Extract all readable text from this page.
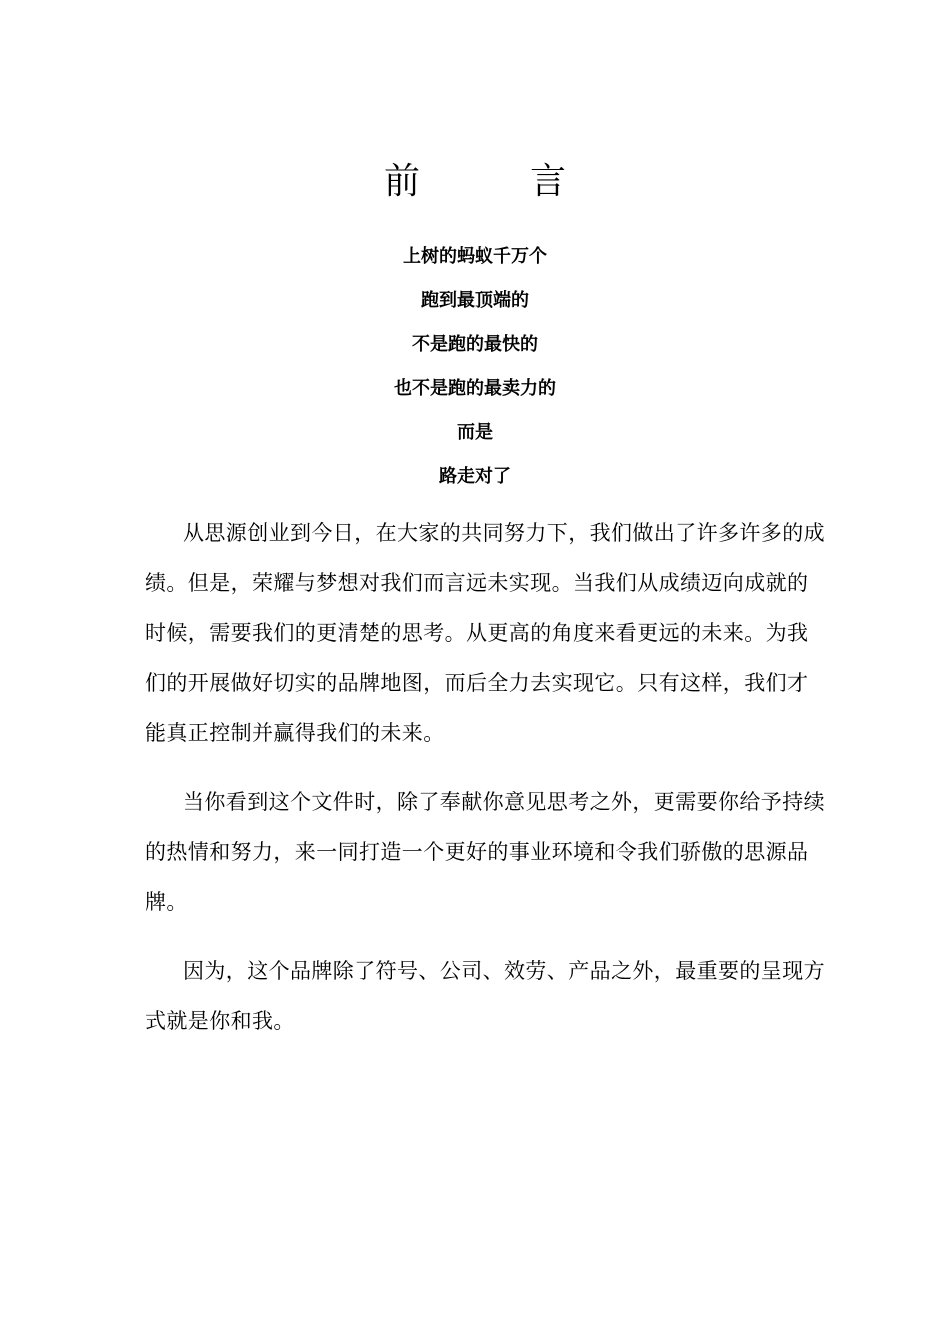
前	言
上树的蚂蚁千万个
跑到最顶端的
不是跑的最快的
也不是跑的最卖力的
而是
路走对了

从思源创业到今日，在大家的共同努力下，我们做出了许多许多的成绩。但是，荣耀与梦想对我们而言远未实现。当我们从成绩迈向成就的时候，需要我们的更清楚的思考。从更高的角度来看更远的未来。为我们的开展做好切实的品牌地图，而后全力去实现它。只有这样，我们才能真正控制并赢得我们的未来。

当你看到这个文件时，除了奉献你意见思考之外，更需要你给予持续的热情和努力，来一同打造一个更好的事业环境和令我们骄傲的思源品牌。

因为，这个品牌除了符号、公司、效劳、产品之外，最重要的呈现方式就是你和我。
